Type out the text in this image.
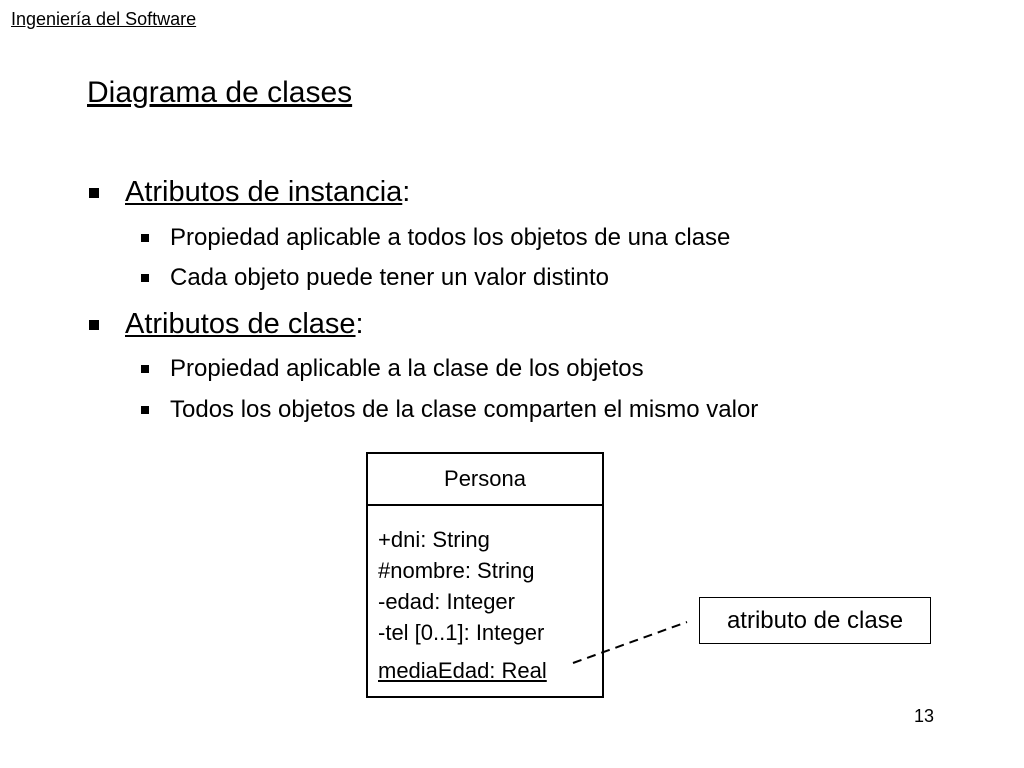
Ingeniería del Software
Diagrama de clases
Atributos de instancia :
Propiedad aplicable a todos los objetos de una clase
Cada objeto puede tener un valor distinto
Atributos de clase :
Propiedad aplicable a la clase de los objetos
Todos los objetos de la clase comparten el mismo valor
Persona
+dni: String
#nombre: String
-edad: Integer
-tel [0..1]: Integer
mediaEdad: Real
atributo de clase
13
